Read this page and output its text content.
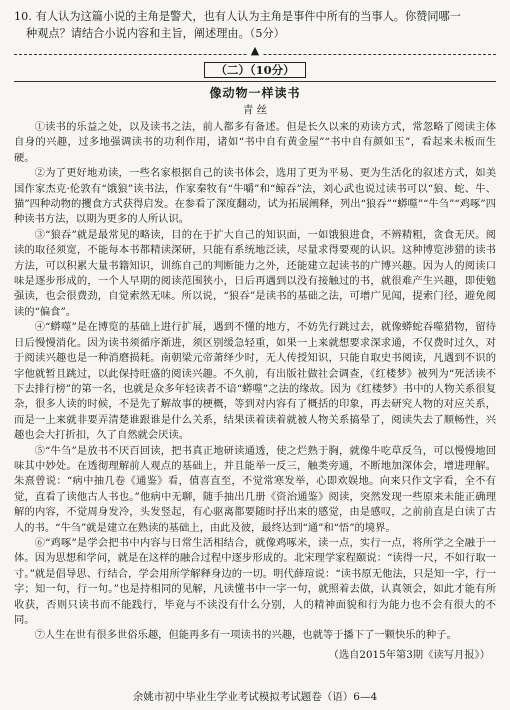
10. 有人认为这篇小说的主角是警犬，也有人认为主角是事件中所有的当事人。你赞同哪一
种观点？请结合小说内容和主旨，阐述理由。（5分）

▲
（二）（10分）
像动物一样读书
青 丝

①读书的乐益之处，以及读书之法，前人都多有备述。但是长久以来的劝读方式，常忽略了阅读主体自身的兴趣，过多地强调读书的功利作用，诸如“书中自有黄金屋”“书中自有颜如玉”，看起来未板而生硬。

②为了更好地劝读，一些名家根据自己的读书体会，选用了更为平易、更为生活化的叙述方式，如美国作家杰克·伦敦有“饿狼”读书法，作家秦牧有“牛嚼”和“鲸吞”法，刘心武也说过读书可以“狼、蛇、牛、猫”四种动物的攫食方式获得启发。在参看了深度翻动，试为拓展阐释，列出“狼吞”“蟒噬”“牛刍”“鸡啄”四种读书方法，以期为更多的人所认识。

③“狼吞”就是最常见的略读，目的在于扩大自己的知识面，一如饿狼进食，不辨精粗，贪食无厌。阅读的取径须宽，不能每本书都精读深研，只能有系统地泛读，尽量求得要观的认识。这种博览涉猎的读书方法，可以积累大量书籍知识，训练自己的判断能力之外，还能建立起读书的广博兴趣。因为人的阅读口味是逐步形成的，一个人早期的阅读范围狭小，日后再遇到以没有接触过的书，就很难产生兴趣，即使勉强读，也会很费劲，自觉索然无味。所以说，“狼吞”是读书的基础之法，可增广见闻，提索门径，避免阅读的“偏食”。

④“蟒噬”是在博览的基础上进行扩展，遇到不懂的地方，不妨先行跳过去，就像蟒蛇吞噬猎物，留待日后慢慢消化。因为读书须循序渐进，须区别缓急轻重，如果一上来就想要求深求通，不仅费时过久，对于阅读兴趣也是一种消磨损耗。南朝梁元帝萧绎少时，无人传授知识，只能自取史书阅读，凡遇到不识的字他就暂且跳过，以此保持旺盛的阅读兴趣。不久前，有出版社做社会调查，《红楼梦》被列为“死活读不下去排行榜”的第一名，也就是众多年轻读者不谙“蟒噬”之法的缘故。因为《红楼梦》书中的人物关系很复杂，很多人读的时候，不是先了解故事的梗概，等到对内容有了概括的印象，再去研究人物的对应关系，而是一上来就非要弄清楚谁跟谁是什么关系，结果读着读着就被人物关系搞晕了，阅读失去了顺畅性，兴趣也会大打折扣，久了自然就会厌读。

⑤“牛刍”是放书不厌百回读，把书真正地研读通透，使之烂熟于胸，就像牛吃草反刍，可以慢慢地回味其中妙处。在透彻理解前人观点的基础上，并且能举一反三，触类旁通，不断地加深体会，增进理解。朱熹曾说：“病中抽几卷《通鉴》看，值喜直至，不觉常寒发举，心即欢娱地。向来只作文字看，全不有觉，直看了读他古人书也。”他病中无聊，随手抽出几册《资治通鉴》阅读，突然发现一些原来未能正确理解的内容，不觉周身发冷，头发竖起，有心驱离都要随时抒出来的感觉，由是感叹，之前前直是白读了古人的书。“牛刍”就是建立在熟读的基础上，由此及彼，最终达到“通”和“悟”的境界。

⑥“鸡啄”是学会把书中内容与日常生活相结合，就像鸡啄米，读一点，实行一点，将所学之全融于一体。因为思想和学问，就是在这样的融合过程中逐步形成的。北宋理学家程颐说：“读得一尺，不如行取一寸。”就是倡导思、行结合，学会用所学解释身边的一切。明代薛瑄说：“读书原无他法，只是知一字，行一字；知一句，行一句。”也是持相同的见解，凡读懂书中一字一句，就照着去做，认真领会，如此才能有所收获，否则只读书而不能践行，毕竟与不读没有什么分别，人的精神面貌和行为能力也不会有很大的不同。

⑦人生在世有很多世俗乐趣，但能再多有一项读书的兴趣，也就等于播下了一颗快乐的种子。

（选自2015年第3期《读写月报》）
余姚市初中毕业生学业考试模拟考试题卷（语）6—4
